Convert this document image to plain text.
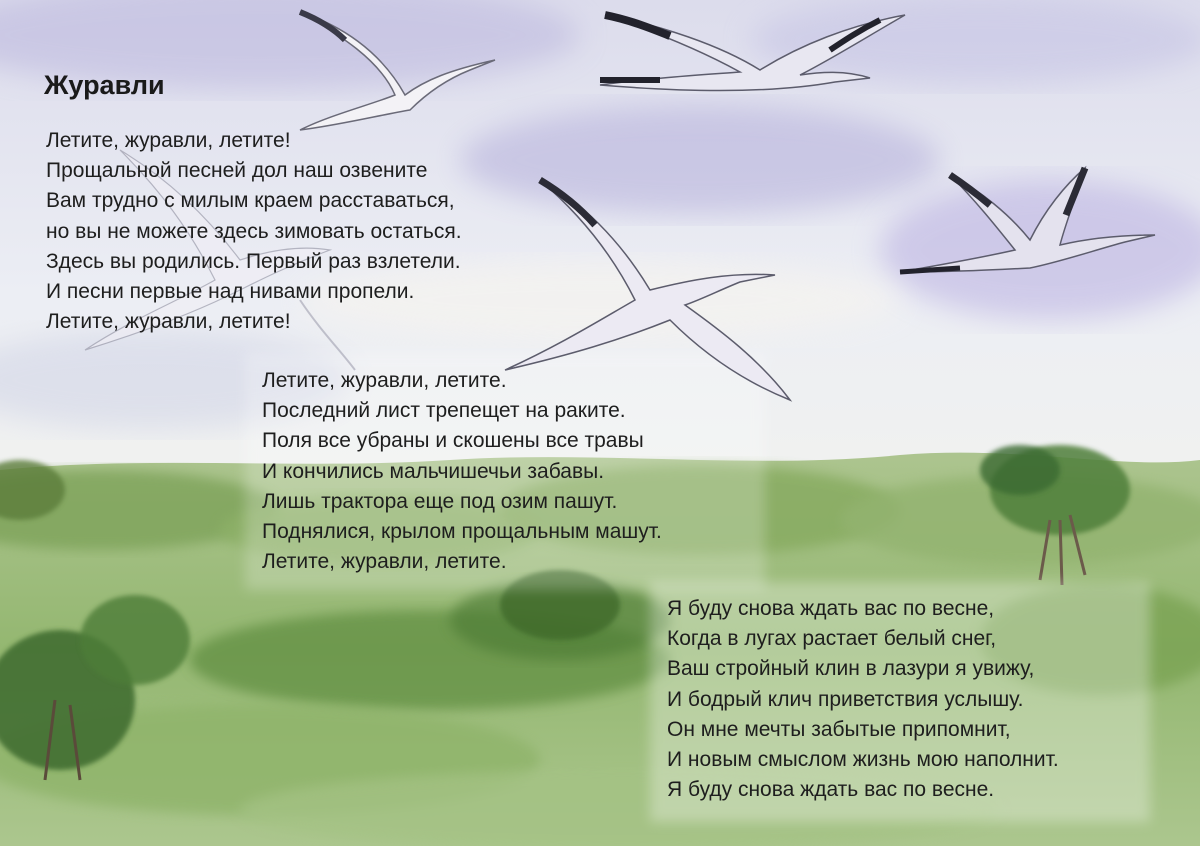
Журавли
Летите, журавли, летите!
Прощальной песней дол наш озвените
Вам трудно с милым краем расставаться,
но вы не можете здесь зимовать остаться.
Здесь вы родились. Первый раз взлетели.
И песни первые над нивами пропели.
Летите, журавли, летите!
Летите, журавли, летите.
Последний лист трепещет на раките.
Поля все убраны и скошены все травы
И кончились мальчишечьи забавы.
Лишь трактора еще под озим пашут.
Поднялися, крылом прощальным машут.
Летите, журавли, летите.
Я буду снова ждать вас по весне,
Когда в лугах растает белый снег,
Ваш стройный клин в лазури я увижу,
И бодрый клич приветствия услышу.
Он мне мечты забытые припомнит,
И новым смыслом жизнь мою наполнит.
Я буду снова ждать вас по весне.
